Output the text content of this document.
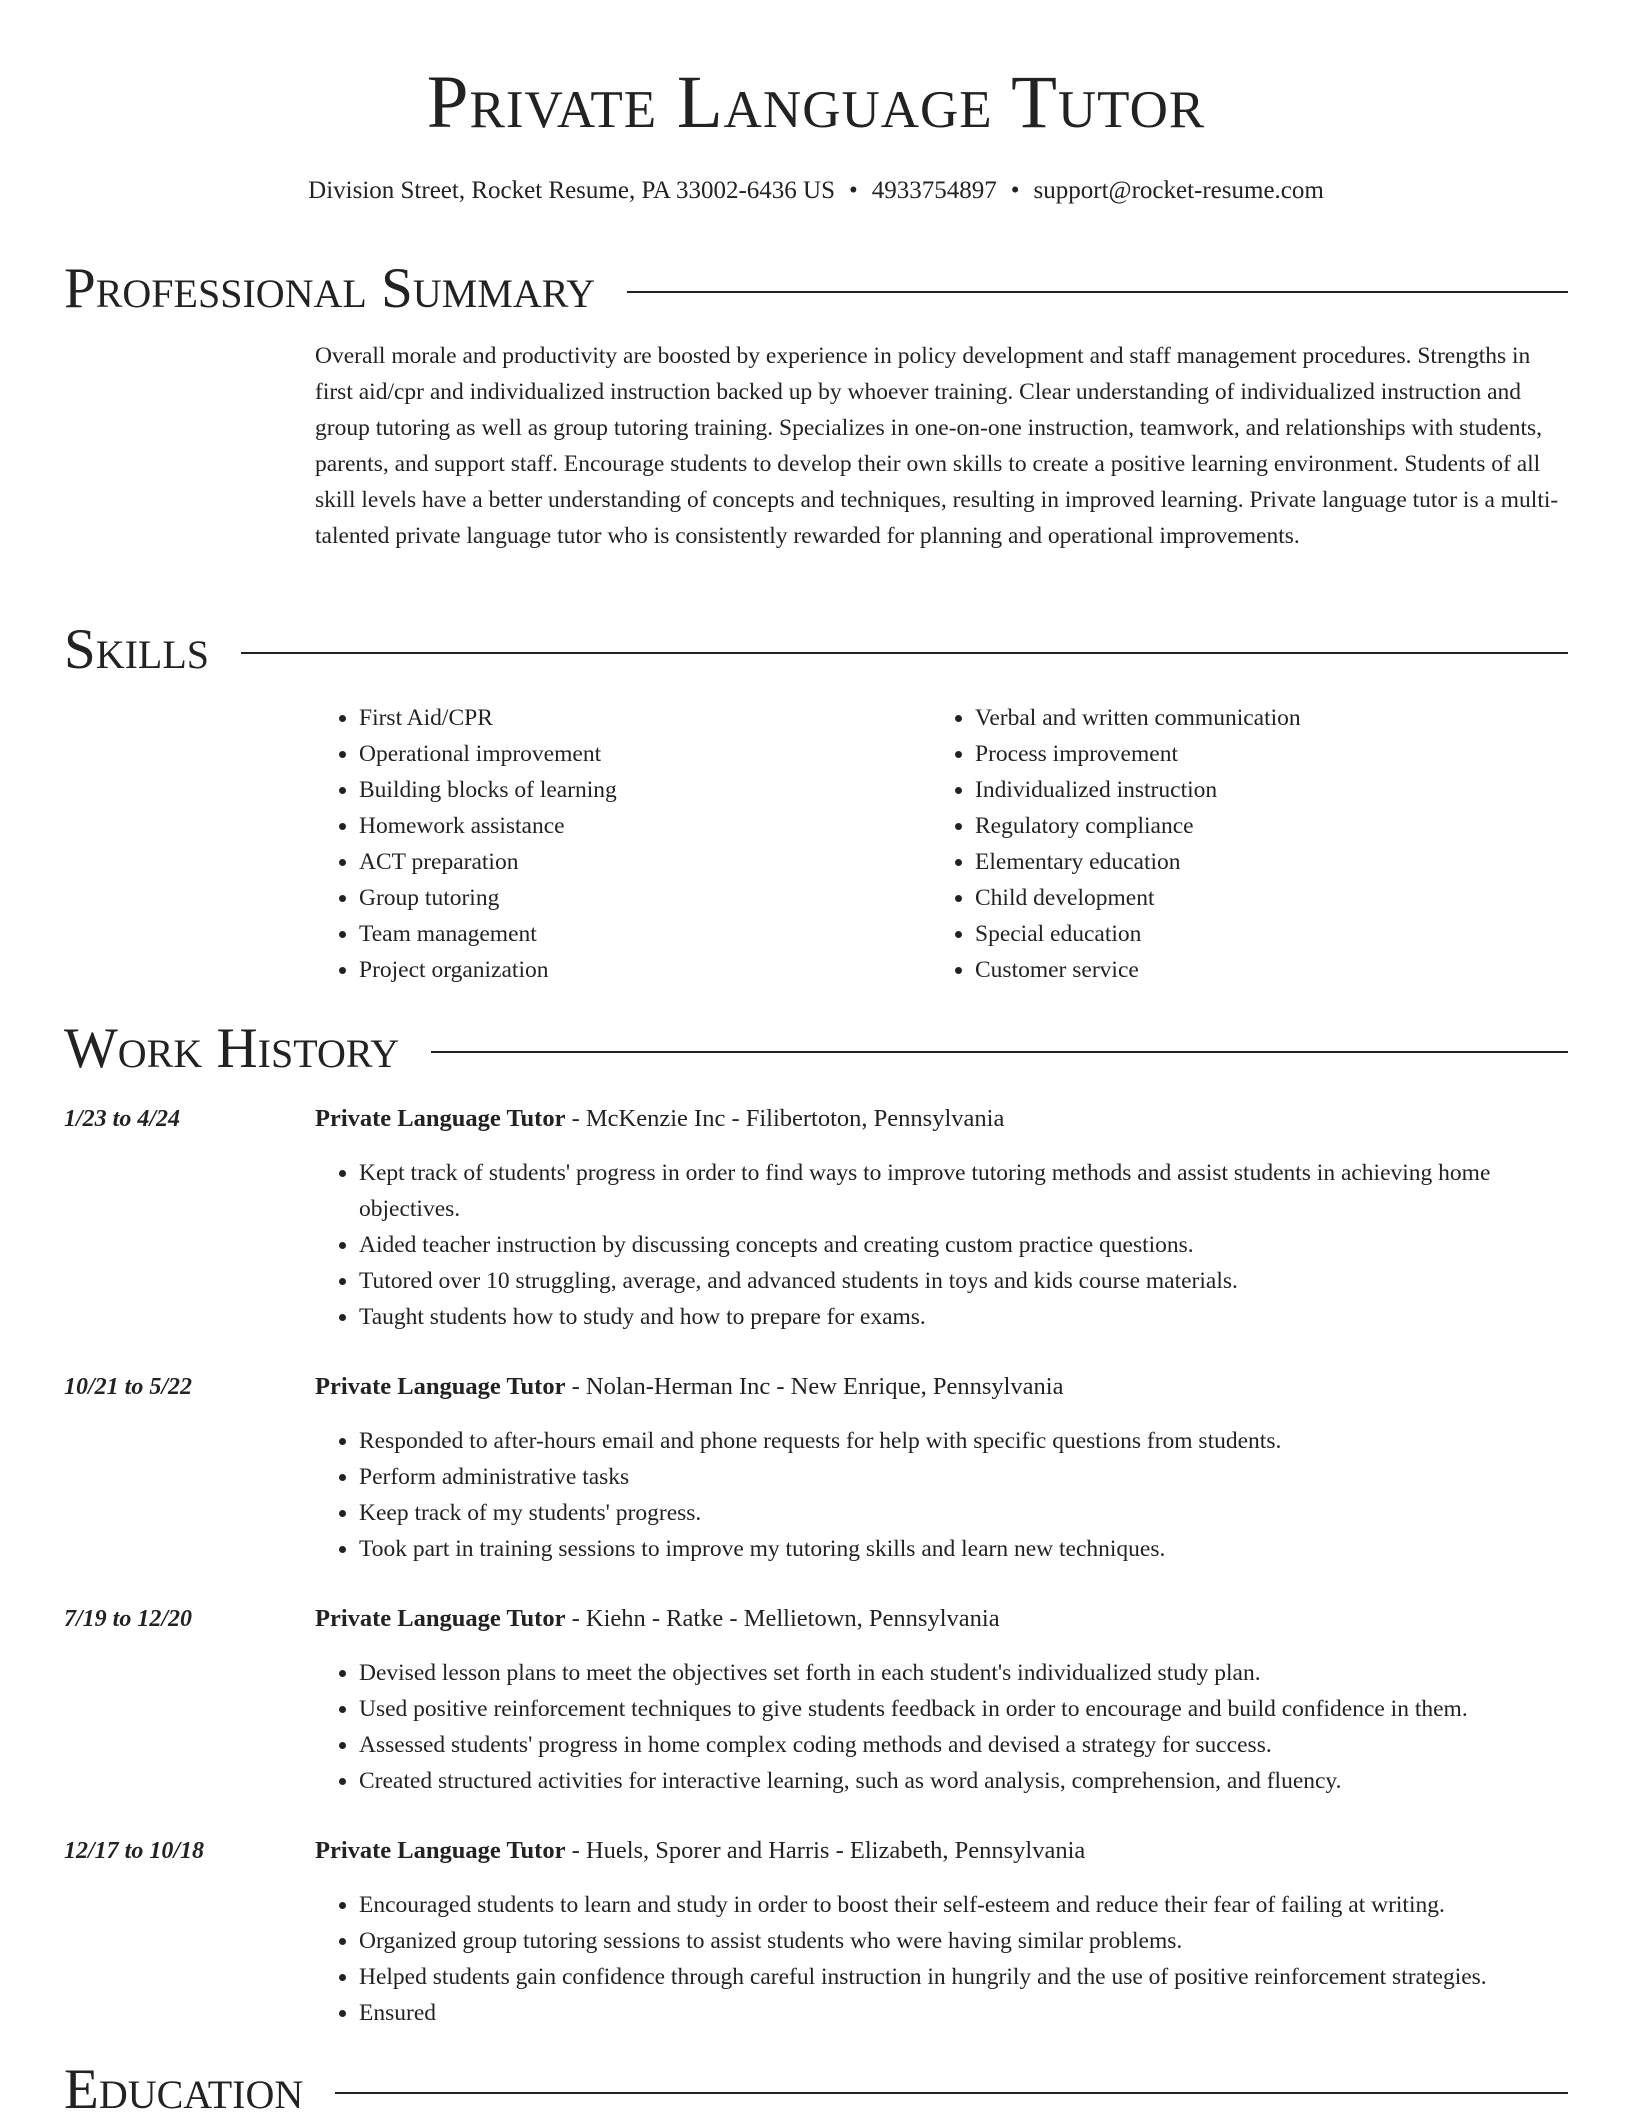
Private Language Tutor
Division Street, Rocket Resume, PA 33002-6436 US • 4933754897 • support@rocket-resume.com
Professional Summary
Overall morale and productivity are boosted by experience in policy development and staff management procedures. Strengths in first aid/cpr and individualized instruction backed up by whoever training. Clear understanding of individualized instruction and group tutoring as well as group tutoring training. Specializes in one-on-one instruction, teamwork, and relationships with students, parents, and support staff. Encourage students to develop their own skills to create a positive learning environment. Students of all skill levels have a better understanding of concepts and techniques, resulting in improved learning. Private language tutor is a multi-talented private language tutor who is consistently rewarded for planning and operational improvements.
Skills
• First Aid/CPR
• Operational improvement
• Building blocks of learning
• Homework assistance
• ACT preparation
• Group tutoring
• Team management
• Project organization
• Verbal and written communication
• Process improvement
• Individualized instruction
• Regulatory compliance
• Elementary education
• Child development
• Special education
• Customer service
Work History
1/23 to 4/24	Private Language Tutor - McKenzie Inc - Filibertoton, Pennsylvania
• Kept track of students' progress in order to find ways to improve tutoring methods and assist students in achieving home objectives.
• Aided teacher instruction by discussing concepts and creating custom practice questions.
• Tutored over 10 struggling, average, and advanced students in toys and kids course materials.
• Taught students how to study and how to prepare for exams.
10/21 to 5/22	Private Language Tutor - Nolan-Herman Inc - New Enrique, Pennsylvania
• Responded to after-hours email and phone requests for help with specific questions from students.
• Perform administrative tasks
• Keep track of my students' progress.
• Took part in training sessions to improve my tutoring skills and learn new techniques.
7/19 to 12/20	Private Language Tutor - Kiehn - Ratke - Mellietown, Pennsylvania
• Devised lesson plans to meet the objectives set forth in each student's individualized study plan.
• Used positive reinforcement techniques to give students feedback in order to encourage and build confidence in them.
• Assessed students' progress in home complex coding methods and devised a strategy for success.
• Created structured activities for interactive learning, such as word analysis, comprehension, and fluency.
12/17 to 10/18	Private Language Tutor - Huels, Sporer and Harris - Elizabeth, Pennsylvania
• Encouraged students to learn and study in order to boost their self-esteem and reduce their fear of failing at writing.
• Organized group tutoring sessions to assist students who were having similar problems.
• Helped students gain confidence through careful instruction in hungrily and the use of positive reinforcement strategies.
• Ensured
Education
